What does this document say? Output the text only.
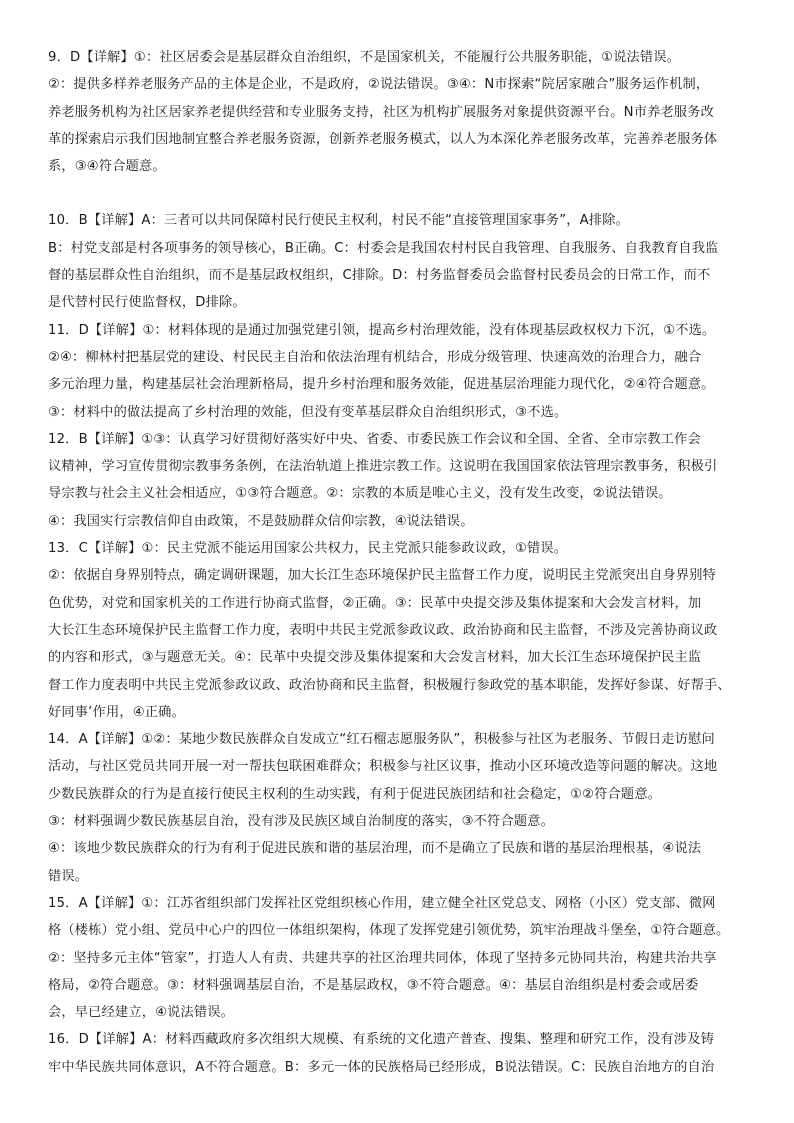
9．D【详解】①：社区居委会是基层群众自治组织，不是国家机关，不能履行公共服务职能，①说法错误。
②：提供多样养老服务产品的主体是企业，不是政府，②说法错误。③④：N市探索“院居家融合”服务运作机制，
养老服务机构为社区居家养老提供经营和专业服务支持，社区为机构扩展服务对象提供资源平台。N市养老服务改
革的探索启示我们因地制宜整合养老服务资源，创新养老服务模式，以人为本深化养老服务改革，完善养老服务体
系，③④符合题意。
10．B【详解】A：三者可以共同保障村民行使民主权利，村民不能“直接管理国家事务”，A排除。
B：村党支部是村各项事务的领导核心，B正确。C：村委会是我国农村村民自我管理、自我服务、自我教育自我监
督的基层群众性自治组织，而不是基层政权组织，C排除。D：村务监督委员会监督村民委员会的日常工作，而不
是代替村民行使监督权，D排除。
11．D【详解】①：材料体现的是通过加强党建引领，提高乡村治理效能，没有体现基层政权权力下沉，①不选。
②④：柳林村把基层党的建设、村民民主自治和依法治理有机结合，形成分级管理、快速高效的治理合力，融合
多元治理力量，构建基层社会治理新格局，提升乡村治理和服务效能，促进基层治理能力现代化，②④符合题意。
③：材料中的做法提高了乡村治理的效能，但没有变革基层群众自治组织形式，③不选。
12．B【详解】①③：认真学习好贯彻好落实好中央、省委、市委民族工作会议和全国、全省、全市宗教工作会
议精神，学习宣传贯彻宗教事务条例，在法治轨道上推进宗教工作。这说明在我国国家依法管理宗教事务，积极引
导宗教与社会主义社会相适应，①③符合题意。②：宗教的本质是唯心主义，没有发生改变，②说法错误。
④：我国实行宗教信仰自由政策，不是鼓励群众信仰宗教，④说法错误。
13．C【详解】①：民主党派不能运用国家公共权力，民主党派只能参政议政，①错误。
②：依据自身界别特点，确定调研课题，加大长江生态环境保护民主监督工作力度，说明民主党派突出自身界别特
色优势，对党和国家机关的工作进行协商式监督，②正确。③：民革中央提交涉及集体提案和大会发言材料，加
大长江生态环境保护民主监督工作力度，表明中共民主党派参政议政、政治协商和民主监督，不涉及完善协商议政
的内容和形式，③与题意无关。④：民革中央提交涉及集体提案和大会发言材料，加大长江生态环境保护民主监
督工作力度表明中共民主党派参政议政、政治协商和民主监督，积极履行参政党的基本职能，发挥好参谋、好帮手、
好同事’作用，④正确。
14．A【详解】①②：某地少数民族群众自发成立“红石榴志愿服务队”，积极参与社区为老服务、节假日走访慰问
活动，与社区党员共同开展一对一帮扶包联困难群众；积极参与社区议事，推动小区环境改造等问题的解决。这地
少数民族群众的行为是直接行使民主权利的生动实践，有利于促进民族团结和社会稳定，①②符合题意。
③：材料强调少数民族基层自治，没有涉及民族区域自治制度的落实，③不符合题意。
④：该地少数民族群众的行为有利于促进民族和谐的基层治理，而不是确立了民族和谐的基层治理根基，④说法
错误。
15．A【详解】①：江苏省组织部门发挥社区党组织核心作用，建立健全社区党总支、网格（小区）党支部、微网
格（楼栋）党小组、党员中心户的四位一体组织架构，体现了发挥党建引领优势，筑牢治理战斗堡垒，①符合题意。
②：坚持多元主体“管家”，打造人人有责、共建共享的社区治理共同体，体现了坚持多元协同共治，构建共治共享
格局，②符合题意。③：材料强调基层自治，不是基层政权，③不符合题意。④：基层自治组织是村委会或居委
会，早已经建立，④说法错误。
16．D【详解】A：材料西藏政府多次组织大规模、有系统的文化遗产普查、搜集、整理和研究工作，没有涉及铸
牢中华民族共同体意识，A不符合题意。B：多元一体的民族格局已经形成，B说法错误。C：民族自治地方的自治
